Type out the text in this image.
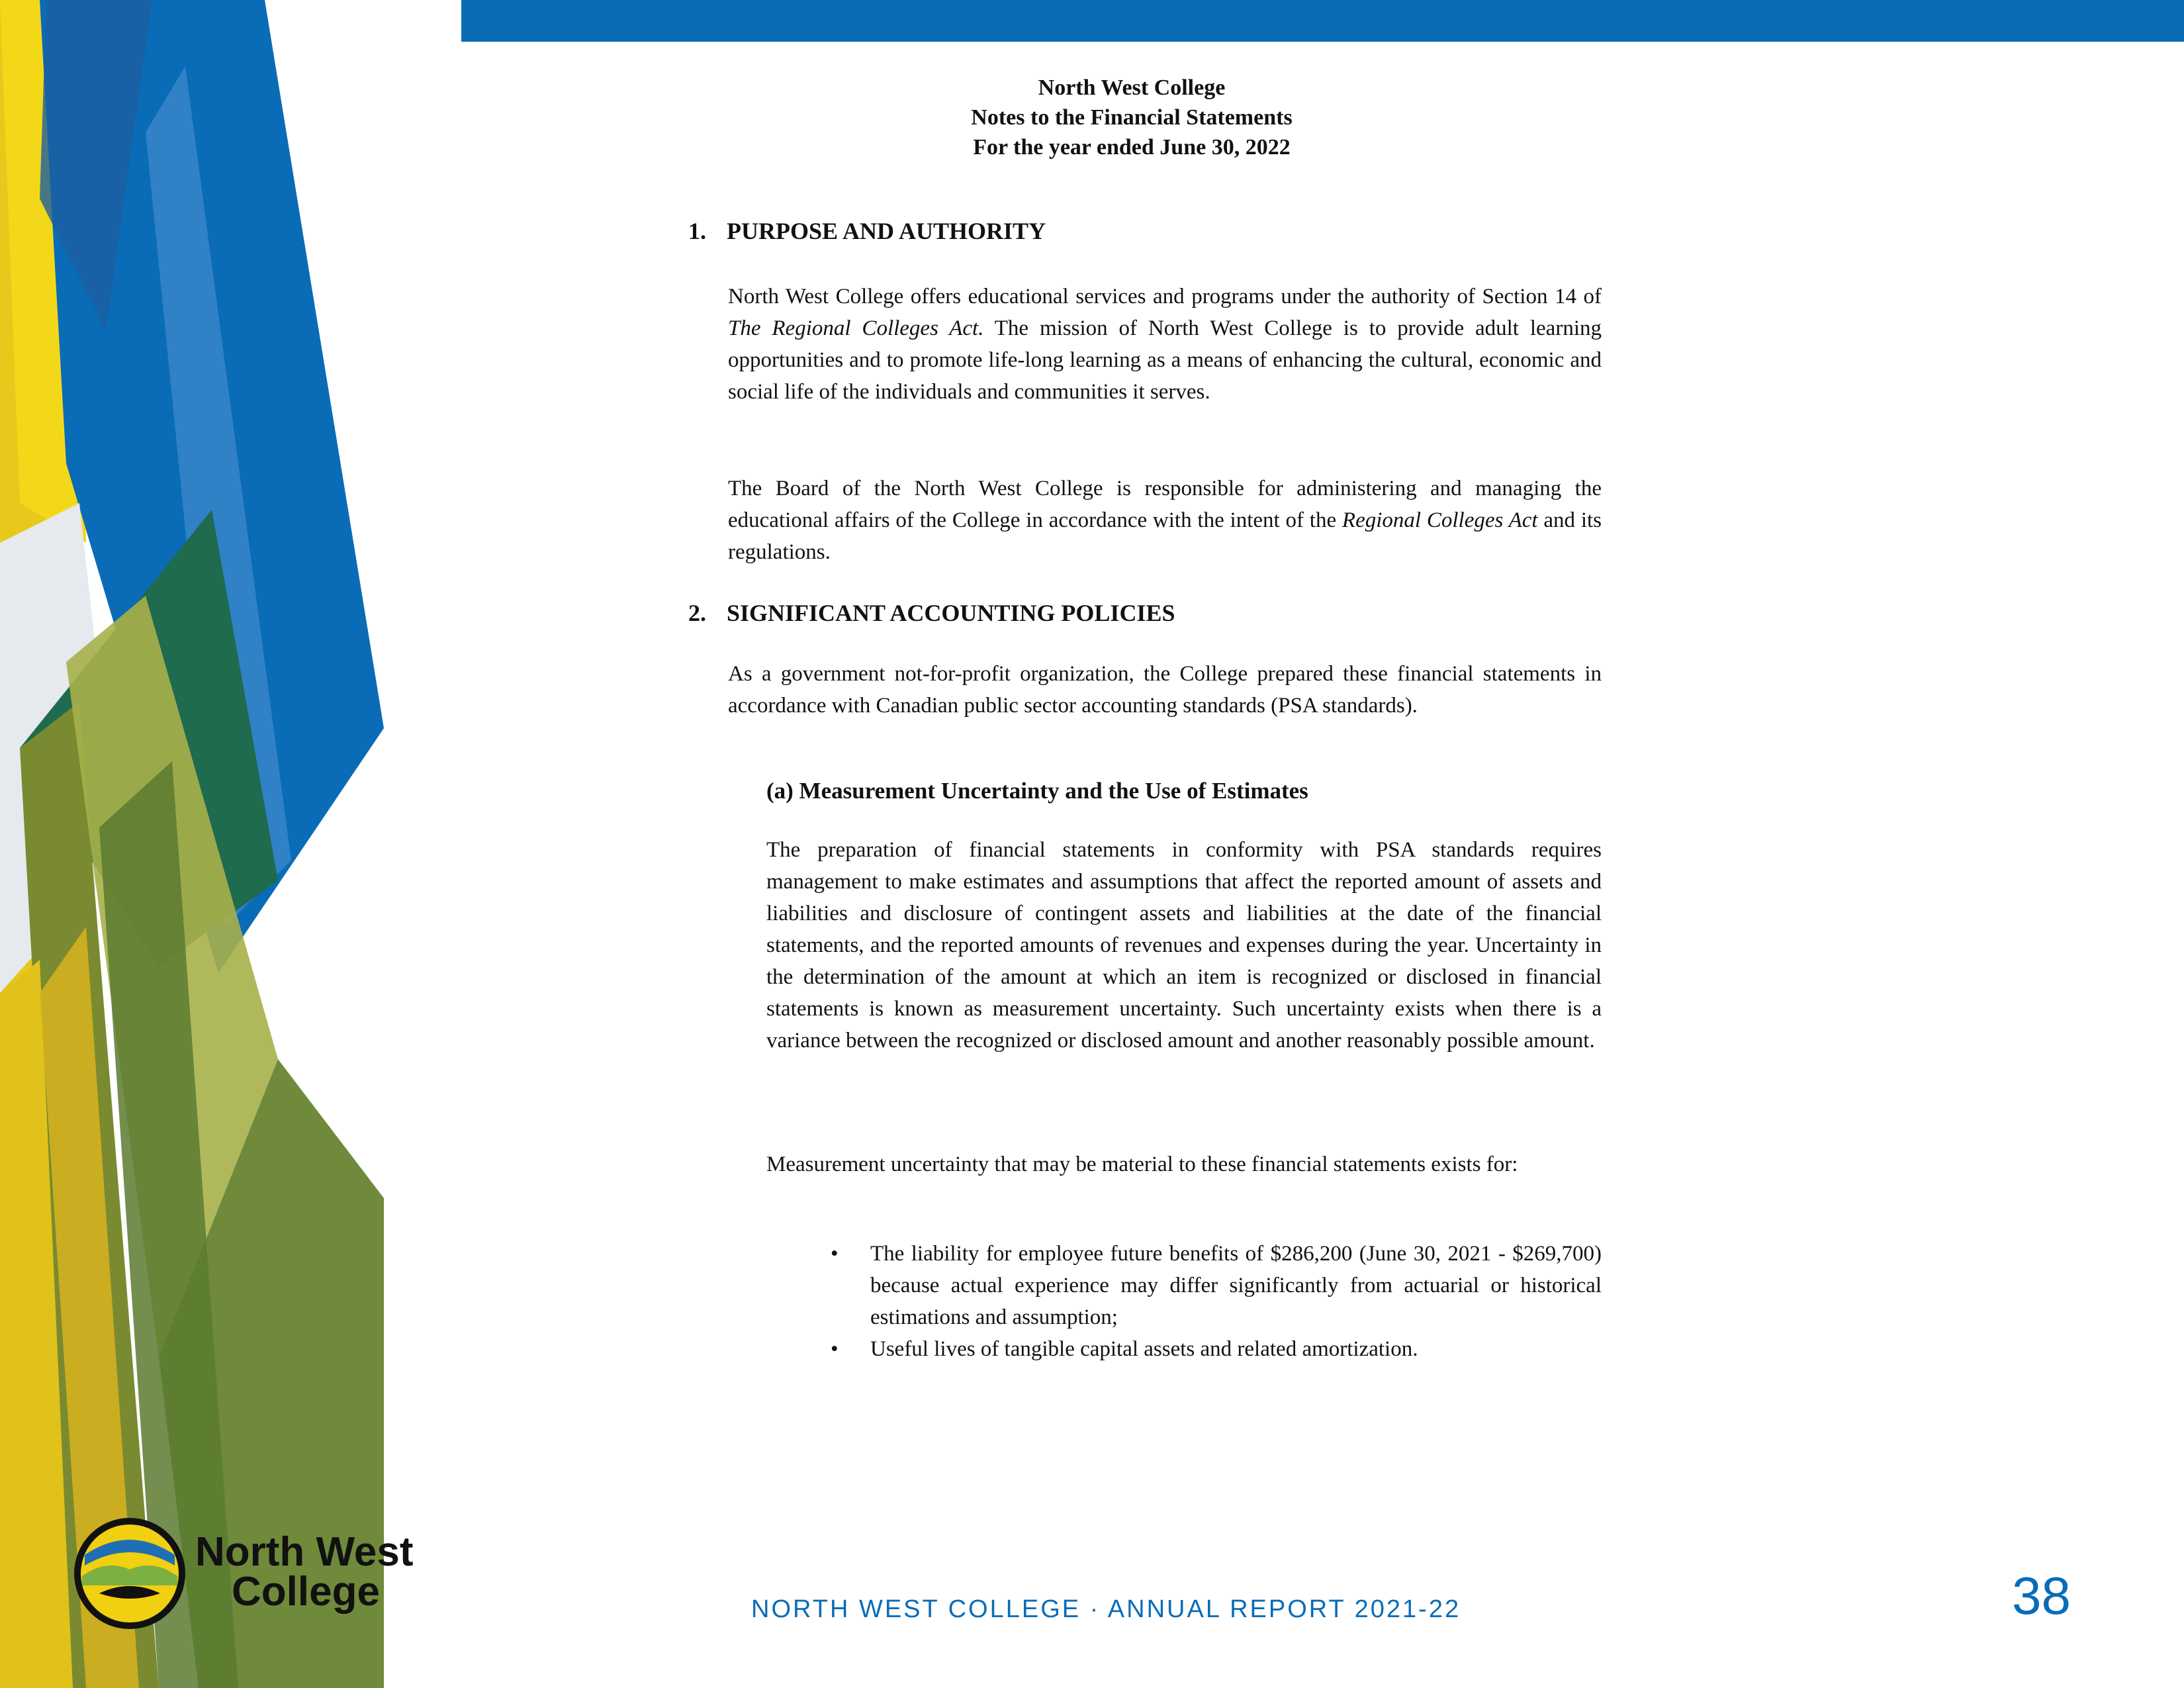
North West College
Notes to the Financial Statements
For the year ended June 30, 2022
1. PURPOSE AND AUTHORITY

North West College offers educational services and programs under the authority of Section 14 of The Regional Colleges Act. The mission of North West College is to provide adult learning opportunities and to promote life-long learning as a means of enhancing the cultural, economic and social life of the individuals and communities it serves.

The Board of the North West College is responsible for administering and managing the educational affairs of the College in accordance with the intent of the Regional Colleges Act and its regulations.

2. SIGNIFICANT ACCOUNTING POLICIES

As a government not-for-profit organization, the College prepared these financial statements in accordance with Canadian public sector accounting standards (PSA standards).

(a) Measurement Uncertainty and the Use of Estimates

The preparation of financial statements in conformity with PSA standards requires management to make estimates and assumptions that affect the reported amount of assets and liabilities and disclosure of contingent assets and liabilities at the date of the financial statements, and the reported amounts of revenues and expenses during the year. Uncertainty in the determination of the amount at which an item is recognized or disclosed in financial statements is known as measurement uncertainty. Such uncertainty exists when there is a variance between the recognized or disclosed amount and another reasonably possible amount.

Measurement uncertainty that may be material to these financial statements exists for:

• The liability for employee future benefits of $286,200 (June 30, 2021 - $269,700) because actual experience may differ significantly from actuarial or historical estimations and assumption;
• Useful lives of tangible capital assets and related amortization.
North West
College	NORTH WEST COLLEGE · ANNUAL REPORT 2021-22	38
